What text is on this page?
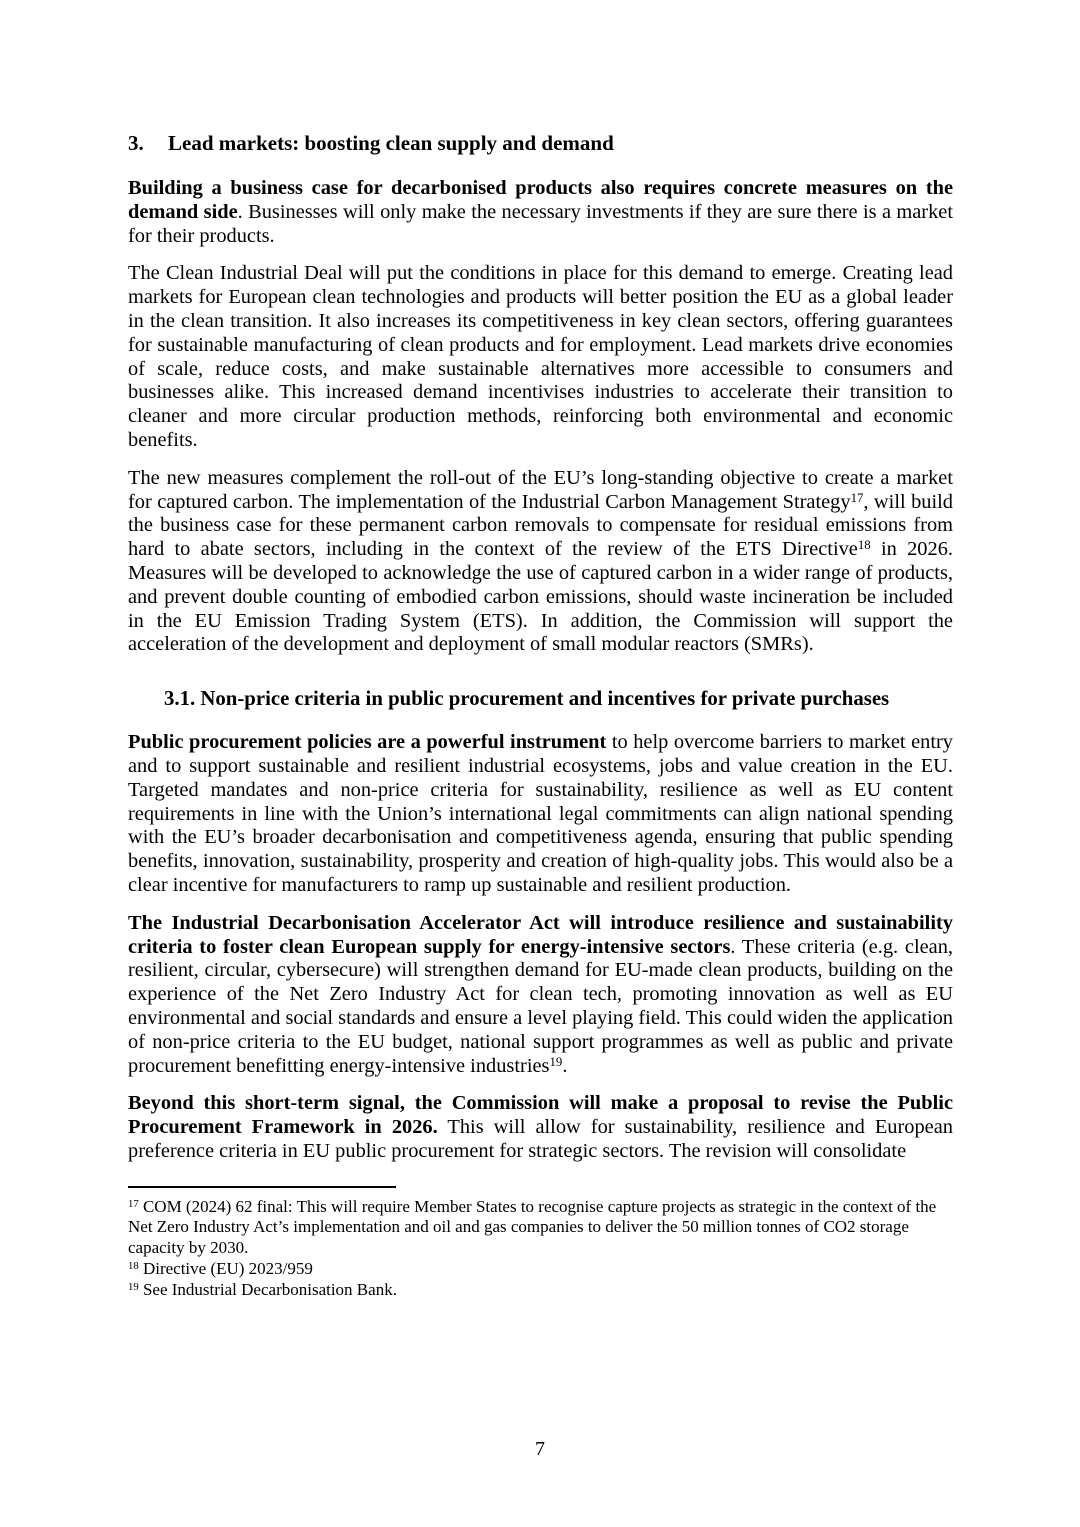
3.	Lead markets: boosting clean supply and demand

Building a business case for decarbonised products also requires concrete measures on the demand side. Businesses will only make the necessary investments if they are sure there is a market for their products.

The Clean Industrial Deal will put the conditions in place for this demand to emerge. Creating lead markets for European clean technologies and products will better position the EU as a global leader in the clean transition. It also increases its competitiveness in key clean sectors, offering guarantees for sustainable manufacturing of clean products and for employment. Lead markets drive economies of scale, reduce costs, and make sustainable alternatives more accessible to consumers and businesses alike. This increased demand incentivises industries to accelerate their transition to cleaner and more circular production methods, reinforcing both environmental and economic benefits.

The new measures complement the roll-out of the EU’s long-standing objective to create a market for captured carbon. The implementation of the Industrial Carbon Management Strategy$^{17}$, will build the business case for these permanent carbon removals to compensate for residual emissions from hard to abate sectors, including in the context of the review of the ETS Directive$^{18}$ in 2026. Measures will be developed to acknowledge the use of captured carbon in a wider range of products, and prevent double counting of embodied carbon emissions, should waste incineration be included in the EU Emission Trading System (ETS). In addition, the Commission will support the acceleration of the development and deployment of small modular reactors (SMRs).

3.1. Non-price criteria in public procurement and incentives for private purchases

Public procurement policies are a powerful instrument to help overcome barriers to market entry and to support sustainable and resilient industrial ecosystems, jobs and value creation in the EU. Targeted mandates and non-price criteria for sustainability, resilience as well as EU content requirements in line with the Union’s international legal commitments can align national spending with the EU’s broader decarbonisation and competitiveness agenda, ensuring that public spending benefits, innovation, sustainability, prosperity and creation of high-quality jobs. This would also be a clear incentive for manufacturers to ramp up sustainable and resilient production.

The Industrial Decarbonisation Accelerator Act will introduce resilience and sustainability criteria to foster clean European supply for energy-intensive sectors. These criteria (e.g. clean, resilient, circular, cybersecure) will strengthen demand for EU-made clean products, building on the experience of the Net Zero Industry Act for clean tech, promoting innovation as well as EU environmental and social standards and ensure a level playing field. This could widen the application of non-price criteria to the EU budget, national support programmes as well as public and private procurement benefitting energy-intensive industries$^{19}$.

Beyond this short-term signal, the Commission will make a proposal to revise the Public Procurement Framework in 2026. This will allow for sustainability, resilience and European preference criteria in EU public procurement for strategic sectors. The revision will consolidate

$^{17}$ COM (2024) 62 final: This will require Member States to recognise capture projects as strategic in the context of the Net Zero Industry Act’s implementation and oil and gas companies to deliver the 50 million tonnes of CO2 storage capacity by 2030.

$^{18}$ Directive (EU) 2023/959

$^{19}$ See Industrial Decarbonisation Bank.

7
